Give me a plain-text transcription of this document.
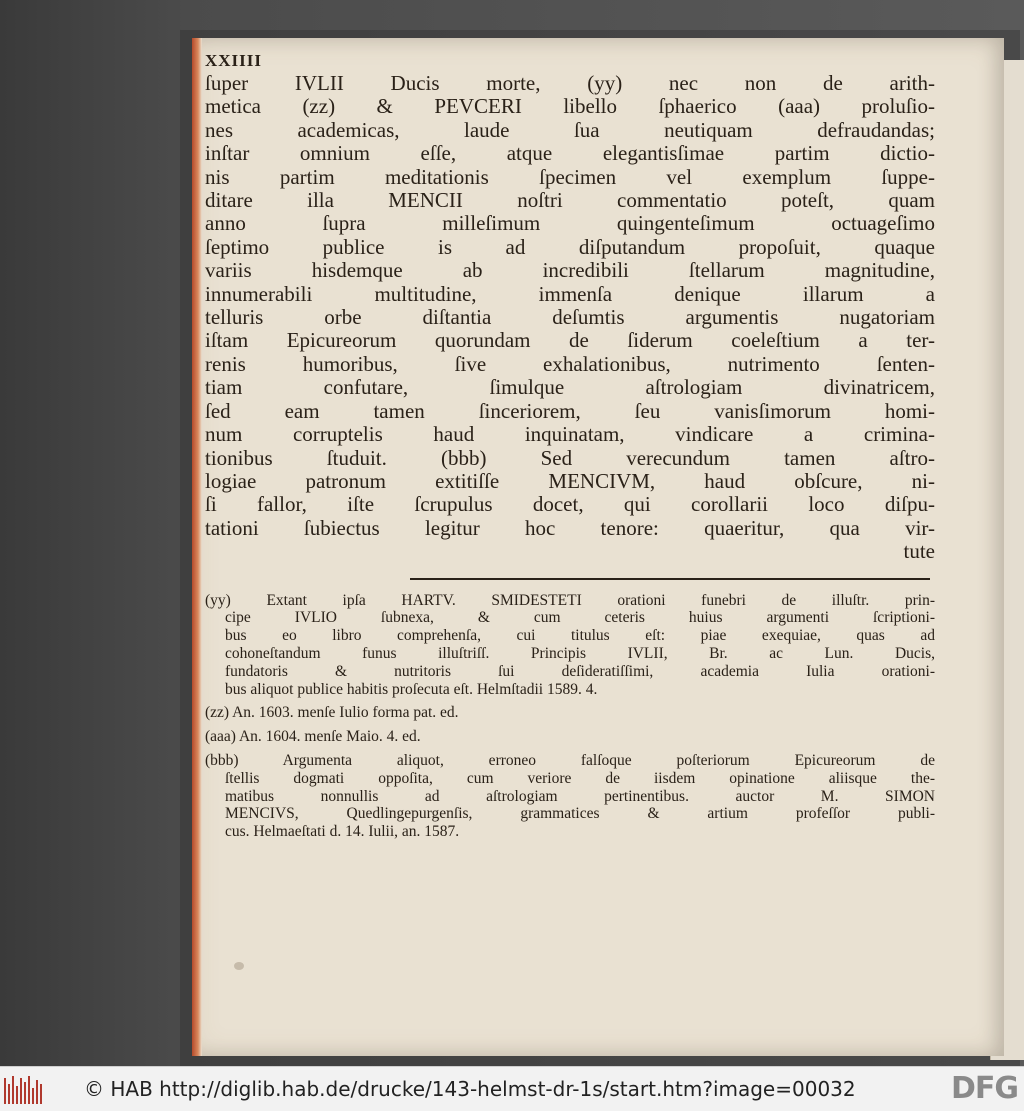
XXIIII

ſuper IVLII Ducis morte, (yy) nec non de arith-

metica (zz) & PEVCERI libello ſphaerico (aaa) proluſio-

nes academicas, laude ſua neutiquam defraudandas;

inſtar omnium eſſe, atque elegantisſimae partim dictio-

nis partim meditationis ſpecimen vel exemplum ſuppe-

ditare illa MENCII noſtri commentatio poteſt, quam

anno ſupra milleſimum quingenteſimum octuageſimo

ſeptimo publice is ad diſputandum propoſuit, quaque

variis hisdemque ab incredibili ſtellarum magnitudine,

innumerabili multitudine, immenſa denique illarum a

telluris orbe diſtantia deſumtis argumentis nugatoriam

iſtam Epicureorum quorundam de ſiderum coeleſtium a ter-

renis humoribus, ſive exhalationibus, nutrimento ſenten-

tiam confutare, ſimulque aſtrologiam divinatricem,

ſed eam tamen ſinceriorem, ſeu vanisſimorum homi-

num corruptelis haud inquinatam, vindicare a crimina-

tionibus ſtuduit. (bbb) Sed verecundum tamen aſtro-

logiae patronum extitiſſe MENCIVM, haud obſcure, ni-

ſi fallor, iſte ſcrupulus docet, qui corollarii loco diſpu-

tationi ſubiectus legitur hoc tenore: quaeritur, qua vir-

tute

(yy) Extant ipſa HARTV. SMIDESTETI orationi funebri de illuſtr. prin-

cipe IVLIO ſubnexa, & cum ceteris huius argumenti ſcriptioni-

bus eo libro comprehenſa, cui titulus eſt: piae exequiae, quas ad

cohoneſtandum funus illuſtriſſ. Principis IVLII, Br. ac Lun. Ducis,

fundatoris & nutritoris ſui deſideratiſſimi, academia Iulia orationi-

bus aliquot publice habitis proſecuta eſt. Helmſtadii 1589. 4.

(zz) An. 1603. menſe Iulio forma pat. ed.

(aaa) An. 1604. menſe Maio. 4. ed.

(bbb) Argumenta aliquot, erroneo falſoque poſteriorum Epicureorum de

ſtellis dogmati oppoſita, cum veriore de iisdem opinatione aliisque the-

matibus nonnullis ad aſtrologiam pertinentibus. auctor M. SIMON

MENCIVS, Quedlingepurgenſis, grammatices & artium profeſſor publi-

cus. Helmaeſtati d. 14. Iulii, an. 1587.

© HAB http://diglib.hab.de/drucke/143-helmst-dr-1s/start.htm?image=00032	DFG
